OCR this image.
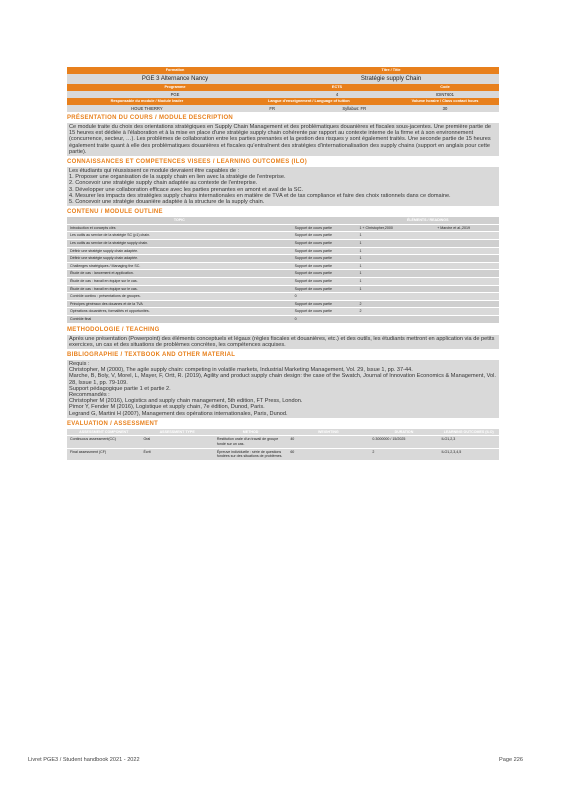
Formation	Titre / Title	
PGE 3 Alternance Nancy	Stratégie supply Chain	
Programme	ECTS	Code
PGE	4	IDINT601
Responsable du module / Module leader	Langue d'enseignement / Language of tuition		Volume horaire / Class contact hours
HOUE THIERRY	FR	Syllabus: FR	30
PRÉSENTATION DU COURS / MODULE DESCRIPTION

Ce module traite du choix des orientations stratégiques en Supply Chain Management et des problématiques douanières et fiscales sous-jacentes. Une première partie de 15 heures est dédiée à l'élaboration et à la mise en place d'une stratégie supply chain cohérente par rapport au contexte interne de la firme et à son environnement (concurrence, secteur, …). Les problèmes de collaboration entre les parties prenantes et la gestion des risques y sont également traités. Une seconde partie de 15 heures également traite quant à elle des problématiques douanières et fiscales qu'entraînent des stratégies d'internationalisation des supply chains (support en anglais pour cette partie).

CONNAISSANCES ET COMPETENCES VISEES / LEARNING OUTCOMES (ILO)

Les étudiants qui réussissent ce module devraient être capables de :

1. Proposer une organisation de la supply chain en lien avec la stratégie de l'entreprise.

2. Concevoir une stratégie supply chain adaptée au contexte de l'entreprise.

3. Développer une collaboration efficace avec les parties prenantes en amont et aval de la SC.

4. Mesurer les impacts des stratégies supply chains internationales en matière de TVA et de tax compliance et faire des choix rationnels dans ce domaine.

5. Concevoir une stratégie douanière adaptée à la structure de la supply chain.

CONTENU / MODULE OUTLINE
TOPIC		ÉLÉMENTS / READINGS	
Introduction et concepts clés	Support de cours partie	1 + Christopher,2000	+ Marche et al.,2019
Les outils au service de la stratégie SC (p1) chain.	Support de cours partie	1	
Les outils au service de la stratégie supply chain.	Support de cours partie	1	
Définir une stratégie supply chain adaptée.	Support de cours partie	1	
Définir une stratégie supply chain adaptée.	Support de cours partie	1	
Challenges stratégiques / Managing the SC.	Support de cours partie	1	
Étude de cas : lancement et application.	Support de cours partie	1	
Étude de cas : travail en équipe sur le cas.	Support de cours partie	1	
Étude de cas : travail en équipe sur le cas.	Support de cours partie	1	
Contrôle continu : présentations de groupes.	0		
Principes généraux des douanes et de la TVA	Support de cours partie	2	
Opérations douanières, formalités et opportunités.	Support de cours partie	2	
Contrôle final	0		
METHODOLOGIE / TEACHING

Après une présentation (Powerpoint) des éléments conceptuels et légaux (règles fiscales et douanières, etc.) et des outils, les étudiants mettront en application via de petits exercices, un cas et des situations de problèmes concrètes, les compétences acquises.

BIBLIOGRAPHIE / TEXTBOOK AND OTHER MATERIAL

Requis :

Christopher, M (2000), The agile supply chain: competing in volatile markets, Industrial Marketing Management, Vol. 29, Issue 1, pp. 37-44.

Marche, B, Boly, V, Morel, L, Mayer, F, Ortt, R. (2019), Agility and product supply chain design: the case of the Swatch, Journal of Innovation Economics & Management, Vol. 28, Issue 1, pp. 79-109.

Support pédagogique partie 1 et partie 2.

Recommandés :

Christopher M (2016), Logistics and supply chain management, 5th edition, FT Press, London.

Pimor Y, Fender M (2016), Logistique et supply chain, 7e édition, Dunod, Paris.

Legrand G, Martini H (2007), Management des opérations internationales, Paris, Dunod.

EVALUATION / ASSESSMENT
ASSESSMENT COMPONENT	ASSESSMENT TYPE	METHOD	WEIGHTING	DURATION	LEARNING OUTCOMES (ILO)
Continuous assessment(CC)	Oral	Restitution orale d'un travail de groupe fondé sur un cas.	40	0.3000000 / 15/2025	ILO1,2,3
Final assessment (CF)	Écrit	Épreuve individuelle : série de questions fondées sur des situations de problèmes.	60	2	ILO1,2,3,4,5
Livret PGE3 / Student handbook 2021 - 2022	Page 226
